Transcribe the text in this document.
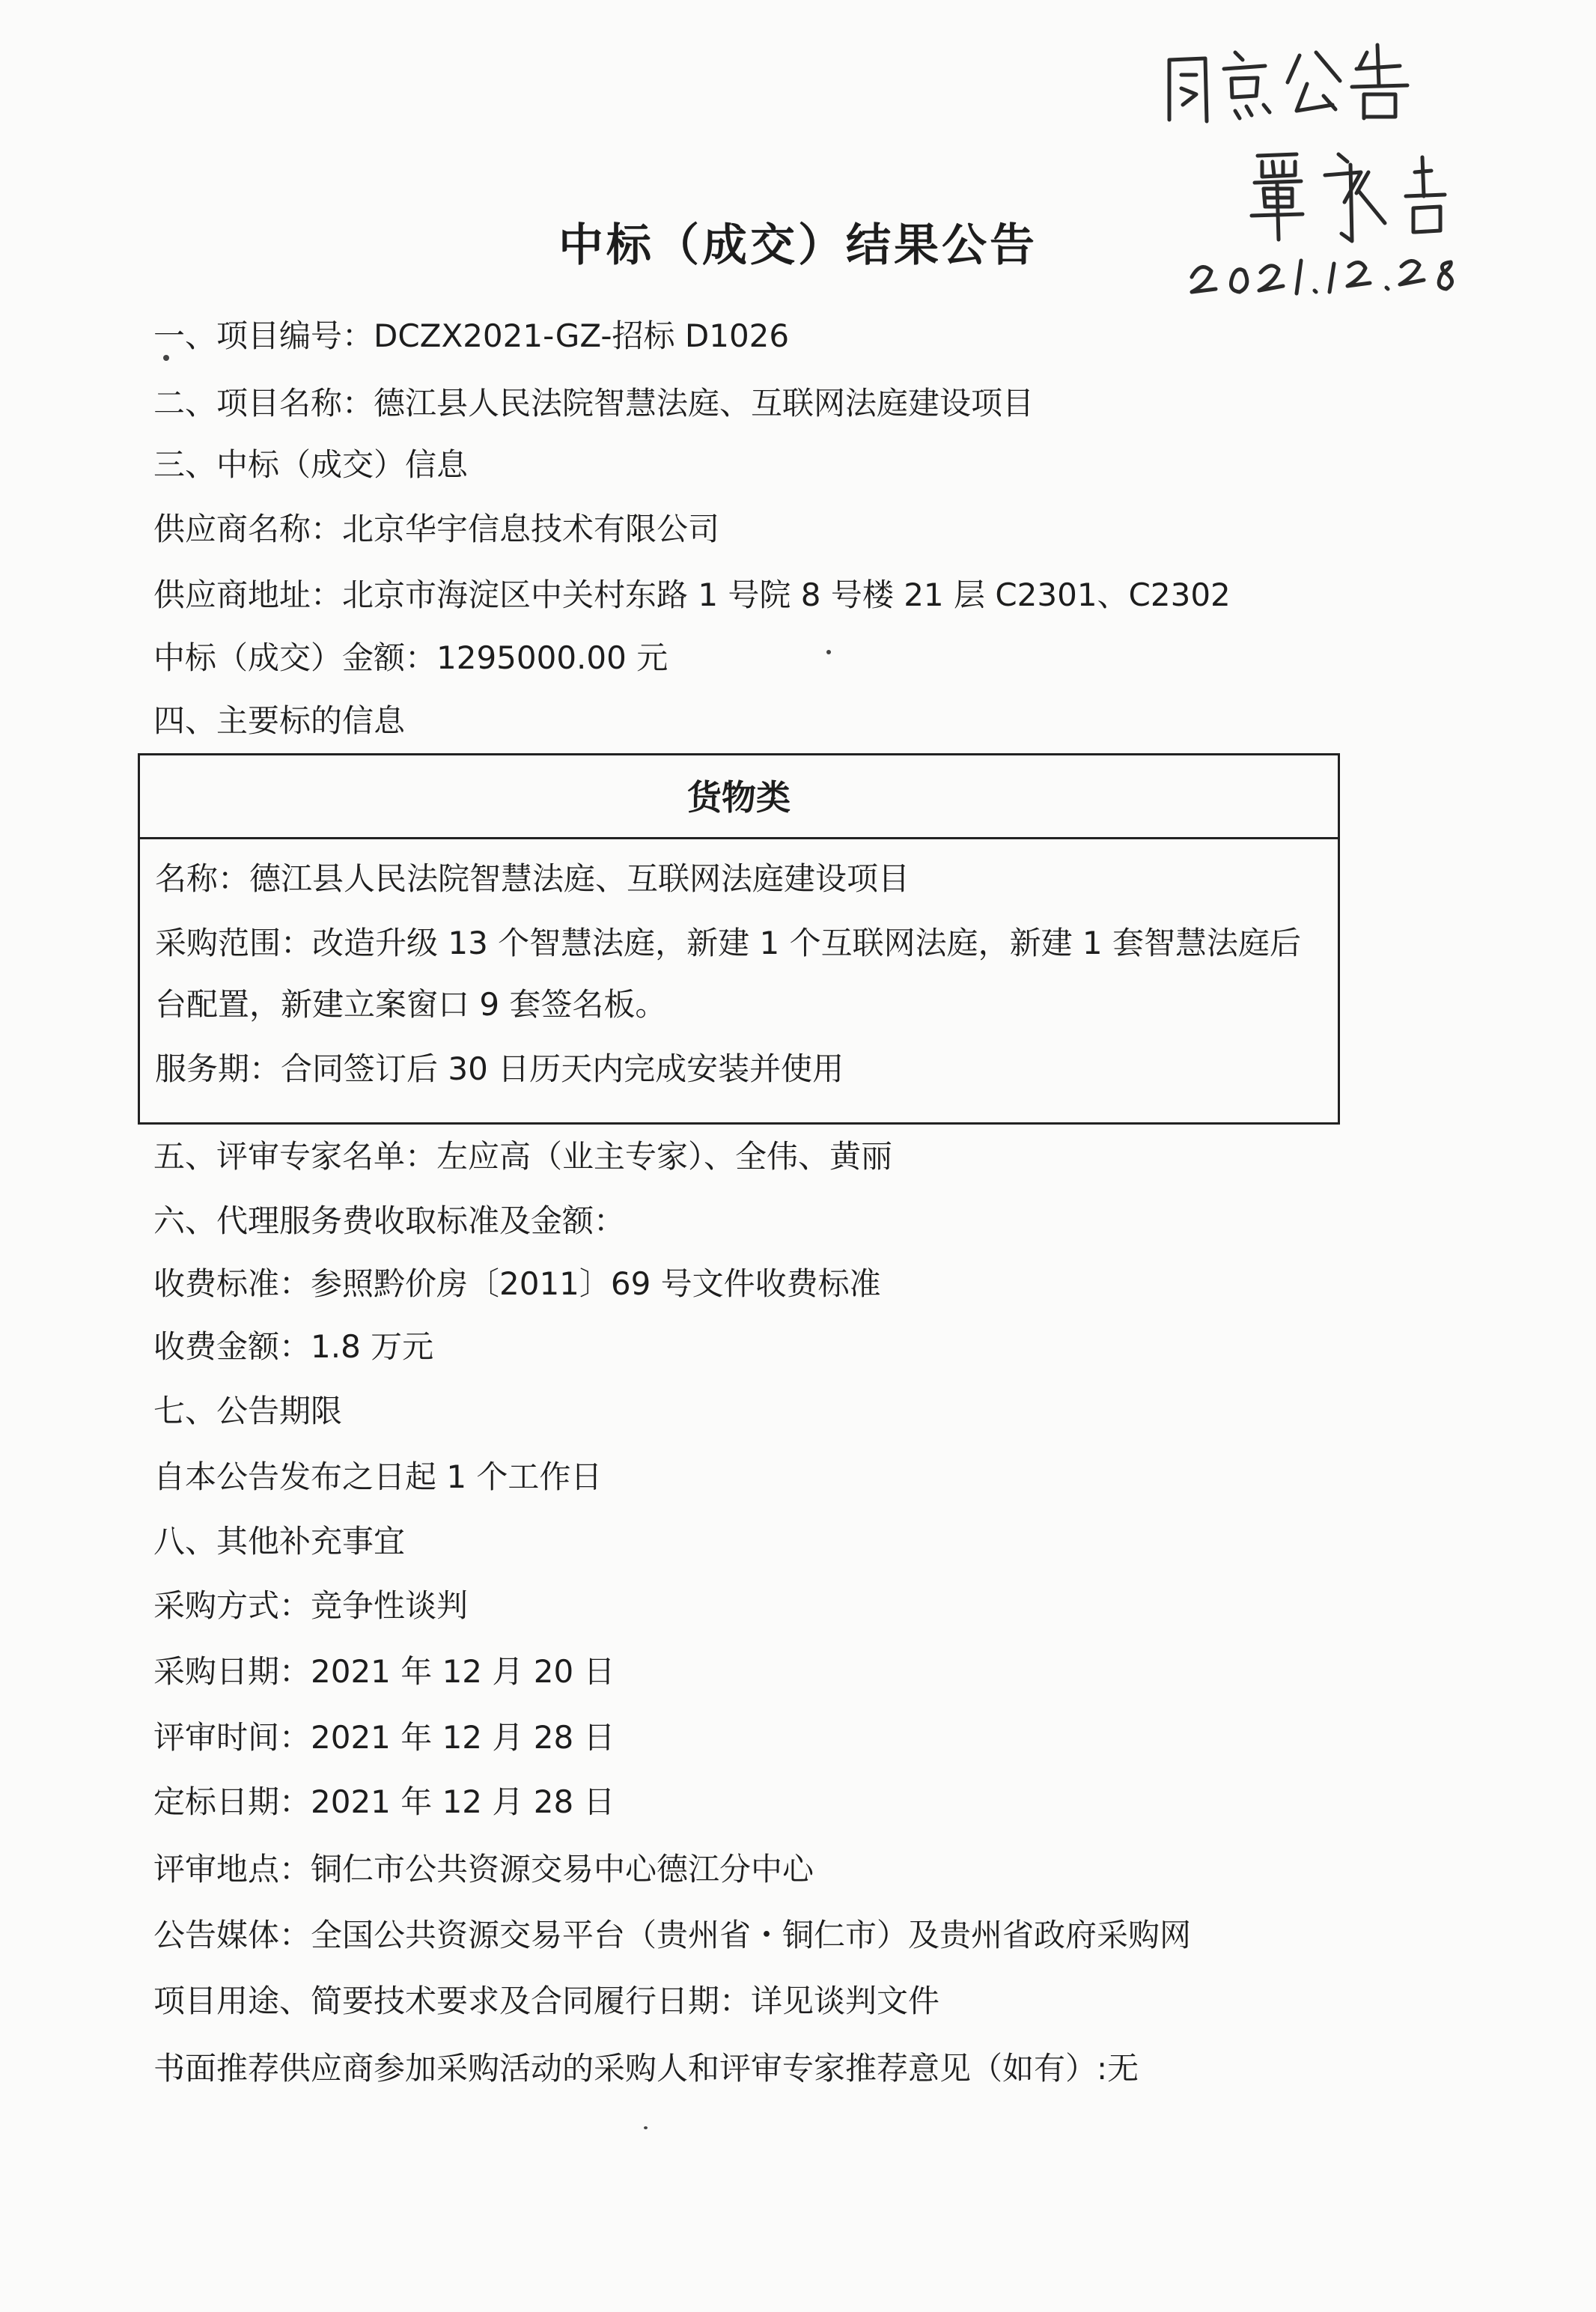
中标（成交）结果公告
一、项目编号：DCZX2021-GZ-招标 D1026
二、项目名称：德江县人民法院智慧法庭、互联网法庭建设项目
三、中标（成交）信息
供应商名称：北京华宇信息技术有限公司
供应商地址：北京市海淀区中关村东路 1 号院 8 号楼 21 层 C2301、C2302
中标（成交）金额：1295000.00 元
四、主要标的信息
货物类
名称：德江县人民法院智慧法庭、互联网法庭建设项目
采购范围：改造升级 13 个智慧法庭，新建 1 个互联网法庭，新建 1 套智慧法庭后
台配置，新建立案窗口 9 套签名板。
服务期：合同签订后 30 日历天内完成安装并使用
五、评审专家名单：左应高（业主专家）、全伟、黄丽
六、代理服务费收取标准及金额：
收费标准：参照黔价房〔2011〕69 号文件收费标准
收费金额：1.8 万元
七、公告期限
自本公告发布之日起 1 个工作日
八、其他补充事宜
采购方式：竞争性谈判
采购日期：2021 年 12 月 20 日
评审时间：2021 年 12 月 28 日
定标日期：2021 年 12 月 28 日
评审地点：铜仁市公共资源交易中心德江分中心
公告媒体：全国公共资源交易平台（贵州省・铜仁市）及贵州省政府采购网
项目用途、简要技术要求及合同履行日期：详见谈判文件
书面推荐供应商参加采购活动的采购人和评审专家推荐意见（如有）:无
